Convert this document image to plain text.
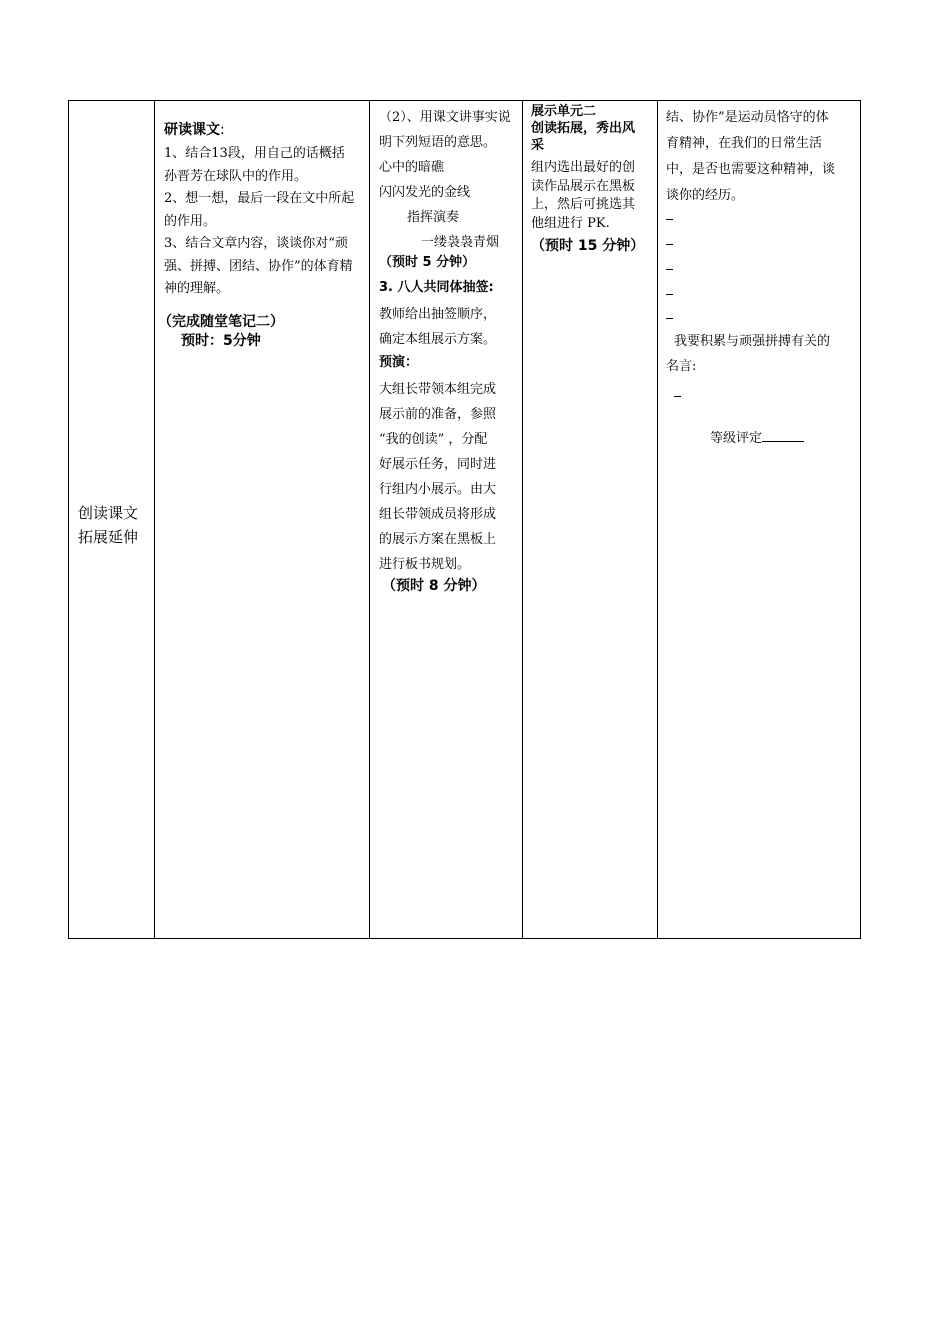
创读课文
拓展延伸
研读课文:
1、结合13段，用自己的话概括
孙晋芳在球队中的作用。
2、想一想，最后一段在文中所起
的作用。
3、结合文章内容，谈谈你对“顽
强、拼搏、团结、协作”的体育精
神的理解。
（完成随堂笔记二）
预时：5分钟
（2）、用课文讲事实说
明下列短语的意思。
心中的暗礁
闪闪发光的金线
指挥演奏
一缕袅袅青烟
（预时 5 分钟）
3. 八人共同体抽签:
教师给出抽签顺序，
确定本组展示方案。
预演：
大组长带领本组完成
展示前的准备，参照
“我的创读” ，分配
好展示任务，同时进
行组内小展示。由大
组长带领成员将形成
的展示方案在黑板上
进行板书规划。
（预时 8 分钟）
展示单元二
创读拓展，秀出风
采
组内选出最好的创
读作品展示在黑板
上，然后可挑选其
他组进行 PK.
（预时 15 分钟）
结、协作”是运动员恪守的体
育精神，在我们的日常生活
中，是否也需要这种精神，谈
谈你的经历。
我要积累与顽强拼搏有关的
名言:
等级评定
